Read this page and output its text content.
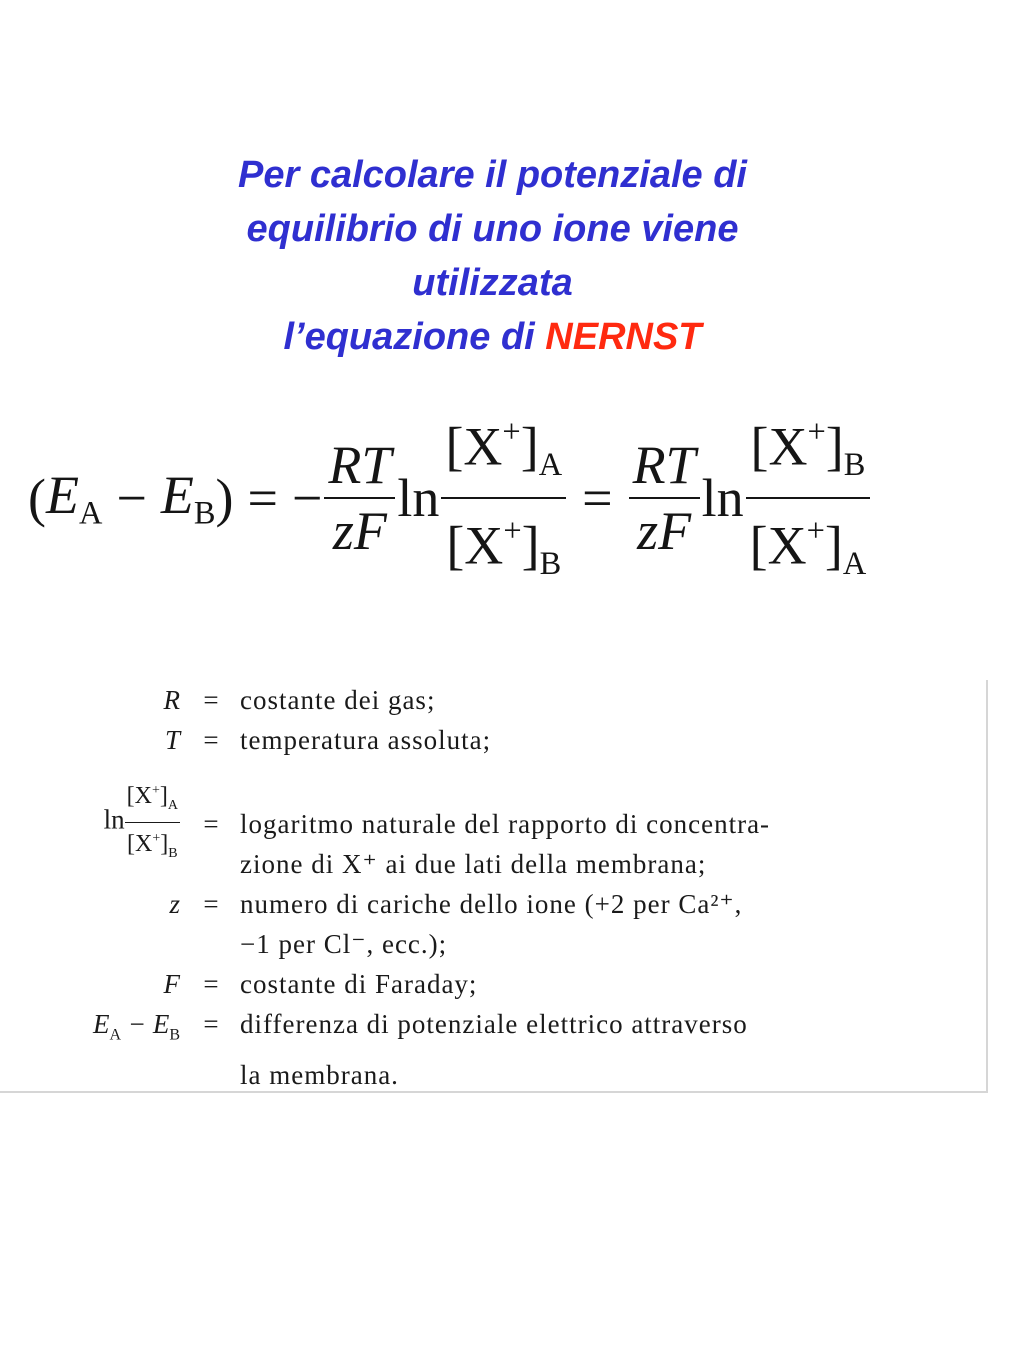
Per calcolare il potenziale di
equilibrio di uno ione viene
utilizzata
l’equazione di NERNST
( $E_A - E_B$ ) = − $\frac{RT}{zF}$ $\ln \frac{[X^+]_A}{[X^+]_B} = \frac{RT}{zF}$ $\ln \frac{[X^+]_B}{[X^+]_A}$
R	=	costante dei gas;
T	=	temperatura assoluta;
$\ln \frac{[X^+]_A}{[X^+]_B}$	=	logaritmo naturale del rapporto di concentra-
		zione di X⁺ ai due lati della membrana;
z	=	numero di cariche dello ione (+2 per Ca²⁺,
		−1 per Cl⁻, ecc.);
F	=	costante di Faraday;
$E_A - E_B$	=	differenza di potenziale elettrico attraverso
		la membrana.
